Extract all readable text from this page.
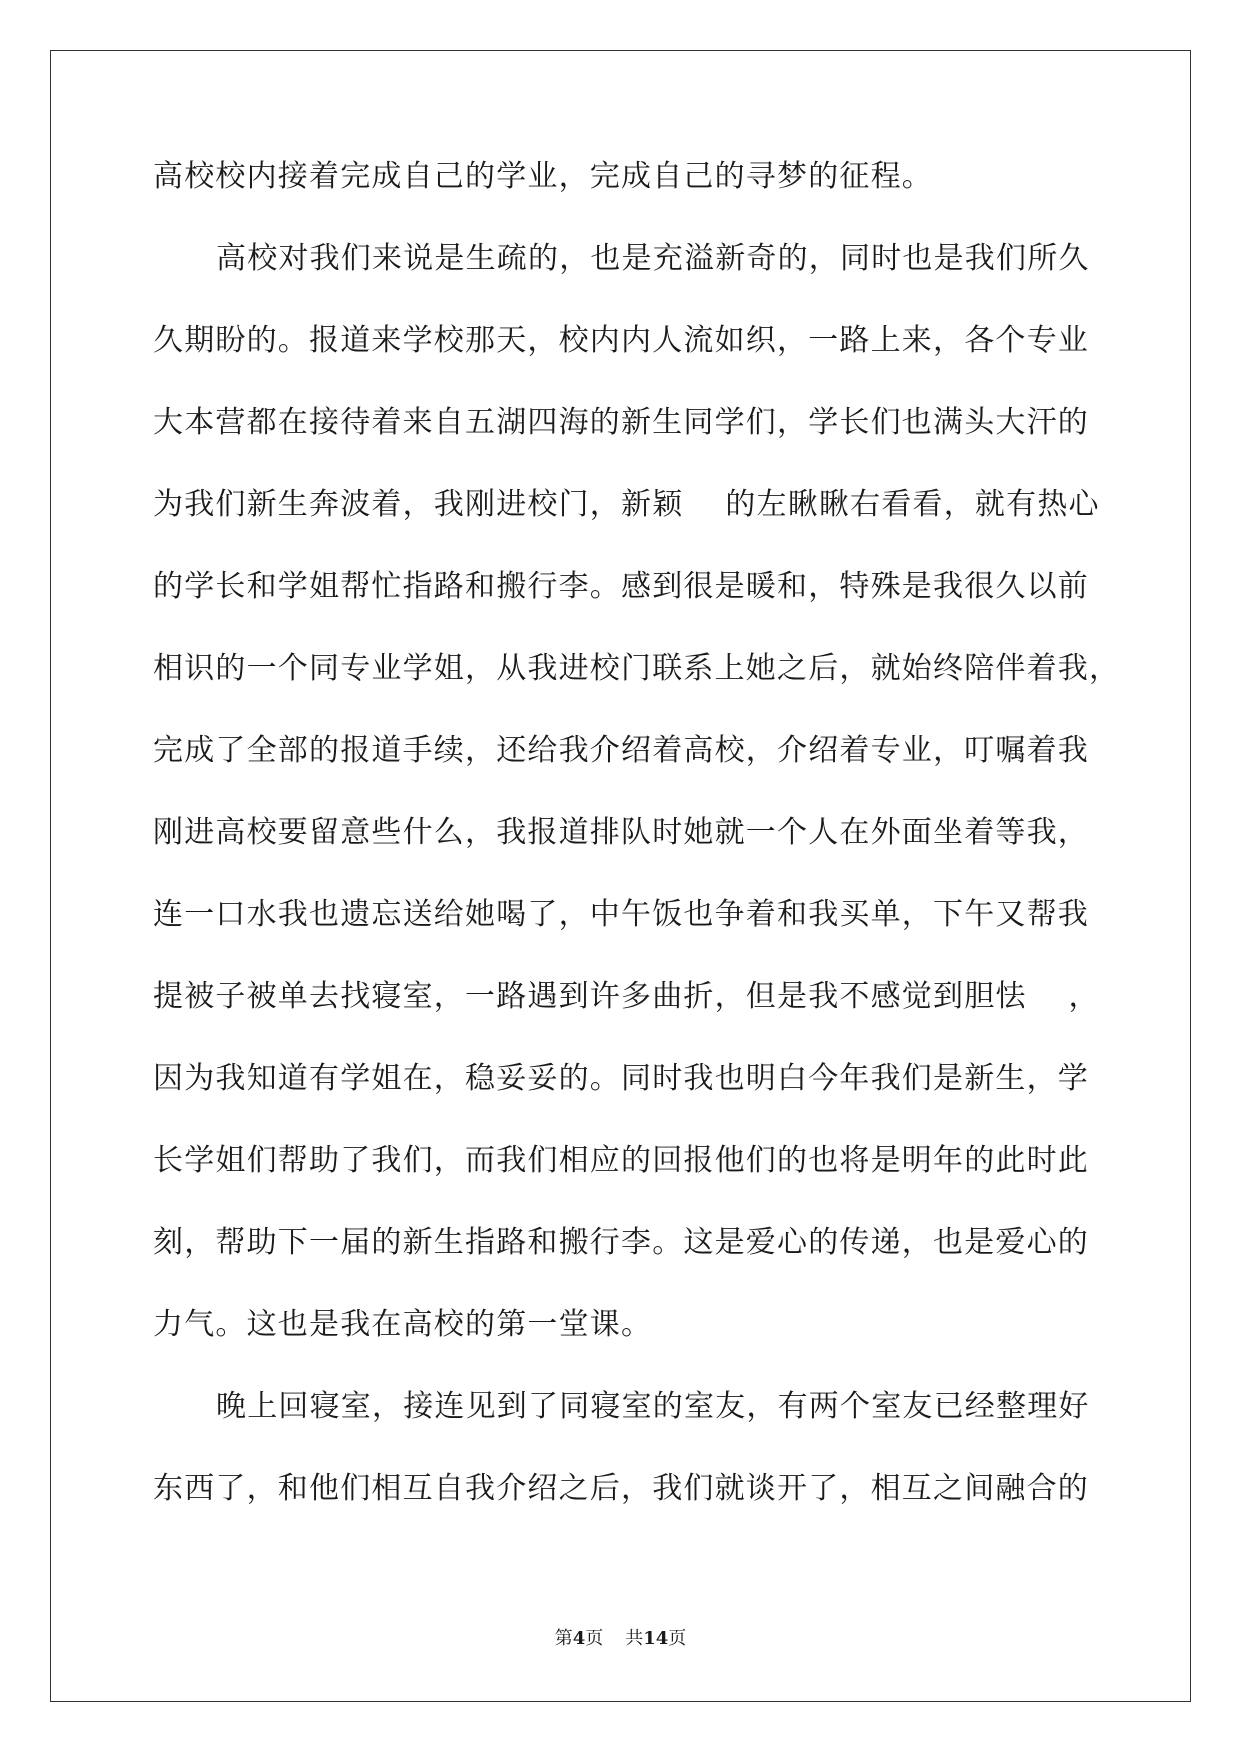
高校校内接着完成自己的学业，完成自己的寻梦的征程。
高校对我们来说是生疏的，也是充溢新奇的，同时也是我们所久
久期盼的。报道来学校那天，校内内人流如织，一路上来，各个专业
大本营都在接待着来自五湖四海的新生同学们，学长们也满头大汗的
为我们新生奔波着，我刚进校门，新颖　 的左瞅瞅右看看，就有热心
的学长和学姐帮忙指路和搬行李。感到很是暖和，特殊是我很久以前
相识的一个同专业学姐，从我进校门联系上她之后，就始终陪伴着我，
完成了全部的报道手续，还给我介绍着高校，介绍着专业，叮嘱着我
刚进高校要留意些什么，我报道排队时她就一个人在外面坐着等我，
连一口水我也遗忘送给她喝了，中午饭也争着和我买单，下午又帮我
提被子被单去找寝室，一路遇到许多曲折，但是我不感觉到胆怯　 ，
因为我知道有学姐在，稳妥妥的。同时我也明白今年我们是新生，学
长学姐们帮助了我们，而我们相应的回报他们的也将是明年的此时此
刻，帮助下一届的新生指路和搬行李。这是爱心的传递，也是爱心的
力气。这也是我在高校的第一堂课。
晚上回寝室，接连见到了同寝室的室友，有两个室友已经整理好
东西了，和他们相互自我介绍之后，我们就谈开了，相互之间融合的
第4页 共14页
